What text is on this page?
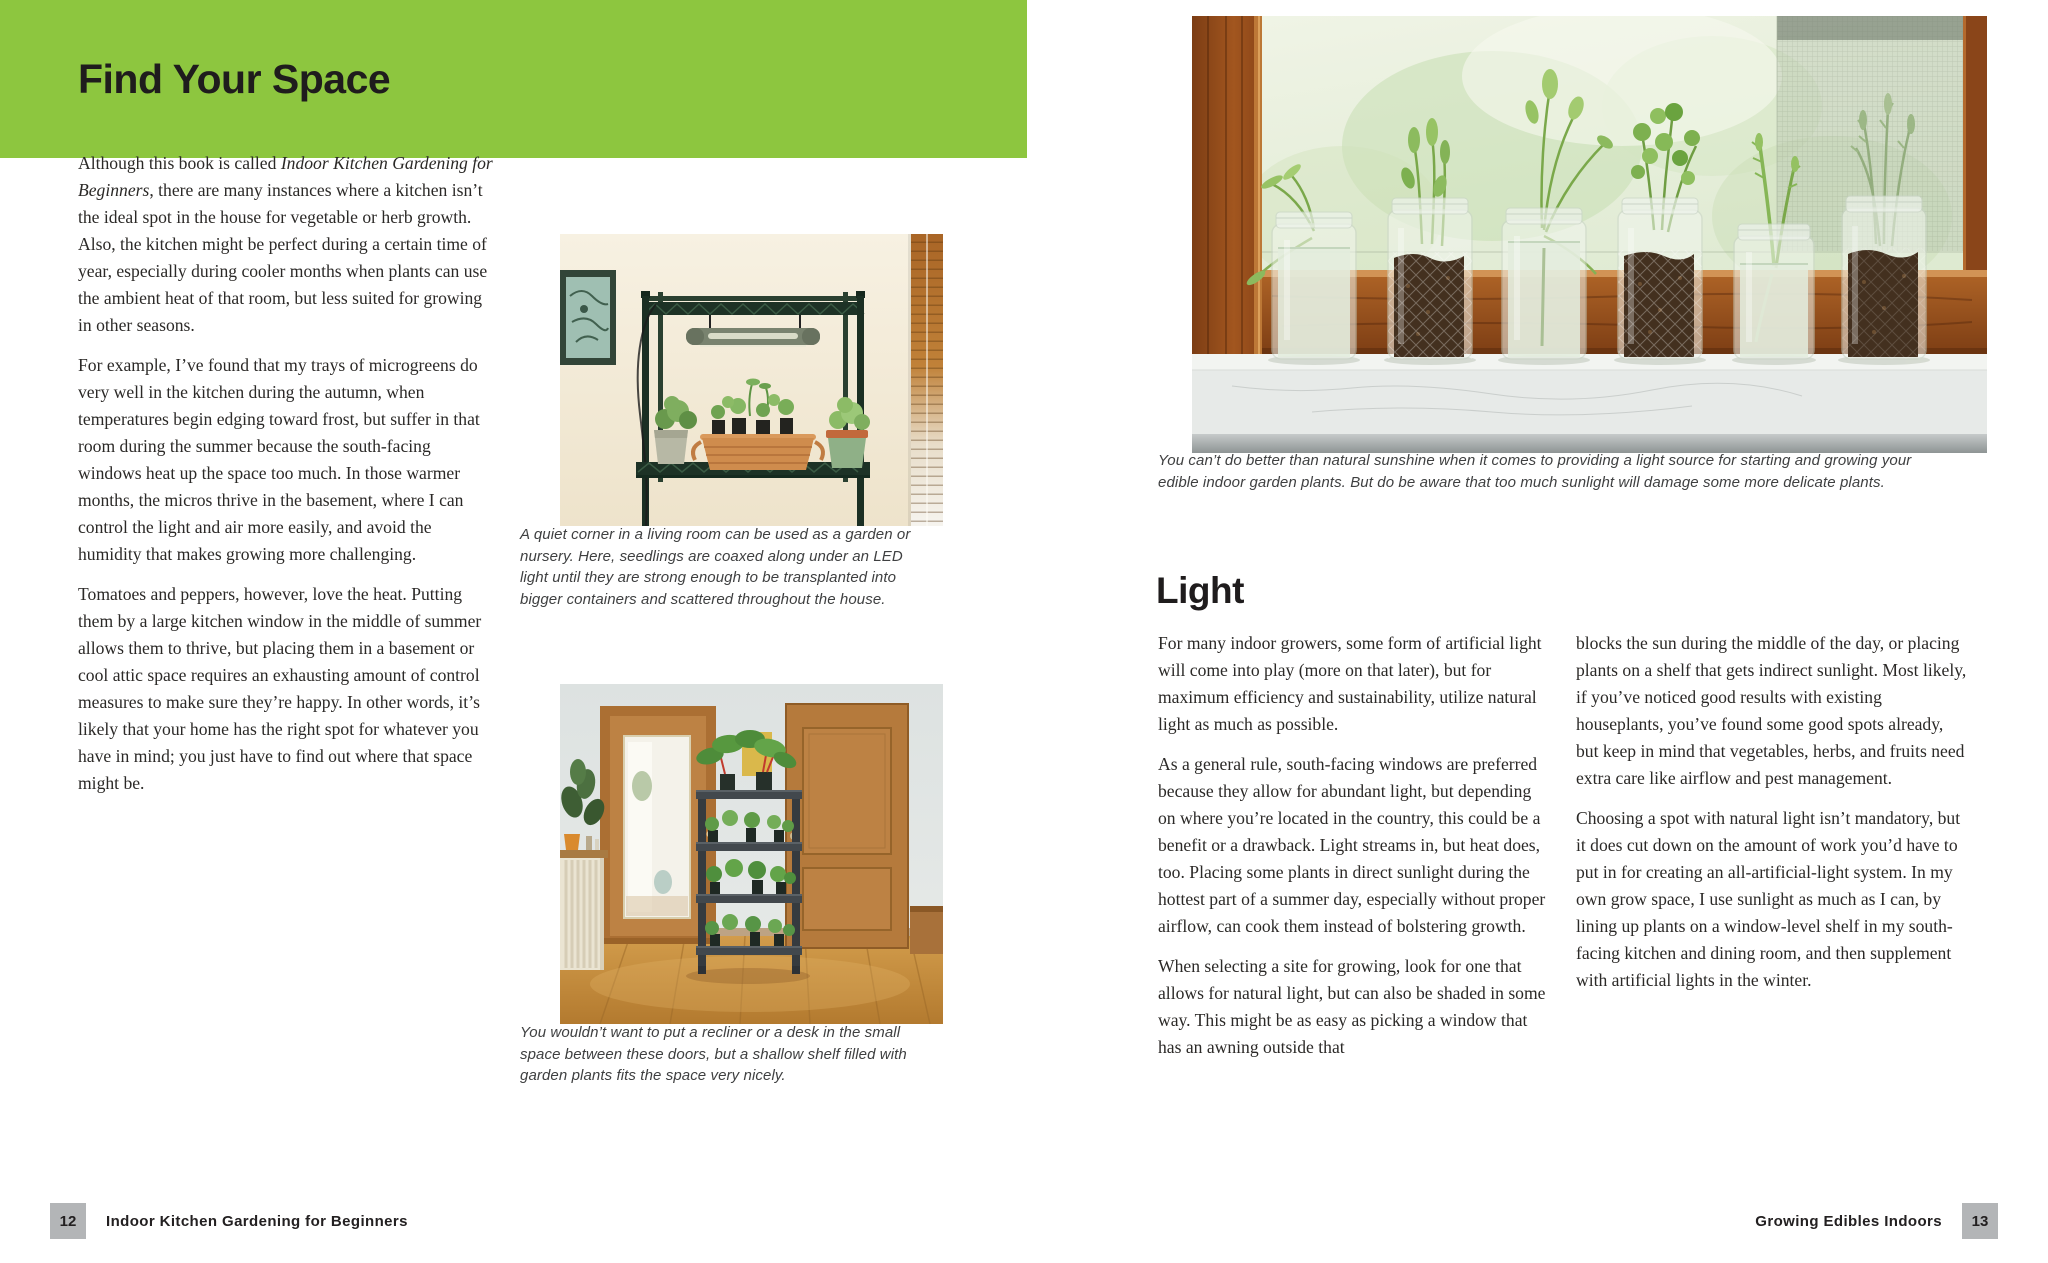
Find Your Space

Although this book is called Indoor Kitchen Gardening for Beginners, there are many instances where a kitchen isn’t the ideal spot in the house for vegetable or herb growth. Also, the kitchen might be perfect during a certain time of year, especially during cooler months when plants can use the ambient heat of that room, but less suited for growing in other seasons.

For example, I’ve found that my trays of microgreens do very well in the kitchen during the autumn, when temperatures begin edging toward frost, but suffer in that room during the summer because the south-facing windows heat up the space too much. In those warmer months, the micros thrive in the basement, where I can control the light and air more easily, and avoid the humidity that makes growing more challenging.

Tomatoes and peppers, however, love the heat. Putting them by a large kitchen window in the middle of summer allows them to thrive, but placing them in a basement or cool attic space requires an exhausting amount of control measures to make sure they’re happy. In other words, it’s likely that your home has the right spot for whatever you have in mind; you just have to find out where that space might be.

A quiet corner in a living room can be used as a garden or nursery. Here, seedlings are coaxed along under an LED light until they are strong enough to be transplanted into bigger containers and scattered throughout the house.
You wouldn’t want to put a recliner or a desk in the small space between these doors, but a shallow shelf filled with garden plants fits the space very nicely.
12	Indoor Kitchen Gardening for Beginners
You can’t do better than natural sunshine when it comes to providing a light source for starting and growing your edible indoor garden plants. But do be aware that too much sunlight will damage some more delicate plants.
Light

For many indoor growers, some form of artificial light will come into play (more on that later), but for maximum efficiency and sustainability, utilize natural light as much as possible.

As a general rule, south-facing windows are preferred because they allow for abundant light, but depending on where you’re located in the country, this could be a benefit or a drawback. Light streams in, but heat does, too. Placing some plants in direct sunlight during the hottest part of a summer day, especially without proper airflow, can cook them instead of bolstering growth.

When selecting a site for growing, look for one that allows for natural light, but can also be shaded in some way. This might be as easy as picking a window that has an awning outside that

blocks the sun during the middle of the day, or placing plants on a shelf that gets indirect sunlight. Most likely, if you’ve noticed good results with existing houseplants, you’ve found some good spots already, but keep in mind that vegetables, herbs, and fruits need extra care like airflow and pest management.

Choosing a spot with natural light isn’t mandatory, but it does cut down on the amount of work you’d have to put in for creating an all-artificial-light system. In my own grow space, I use sunlight as much as I can, by lining up plants on a window-level shelf in my south-facing kitchen and dining room, and then supplement with artificial lights in the winter.

Growing Edibles Indoors	13
